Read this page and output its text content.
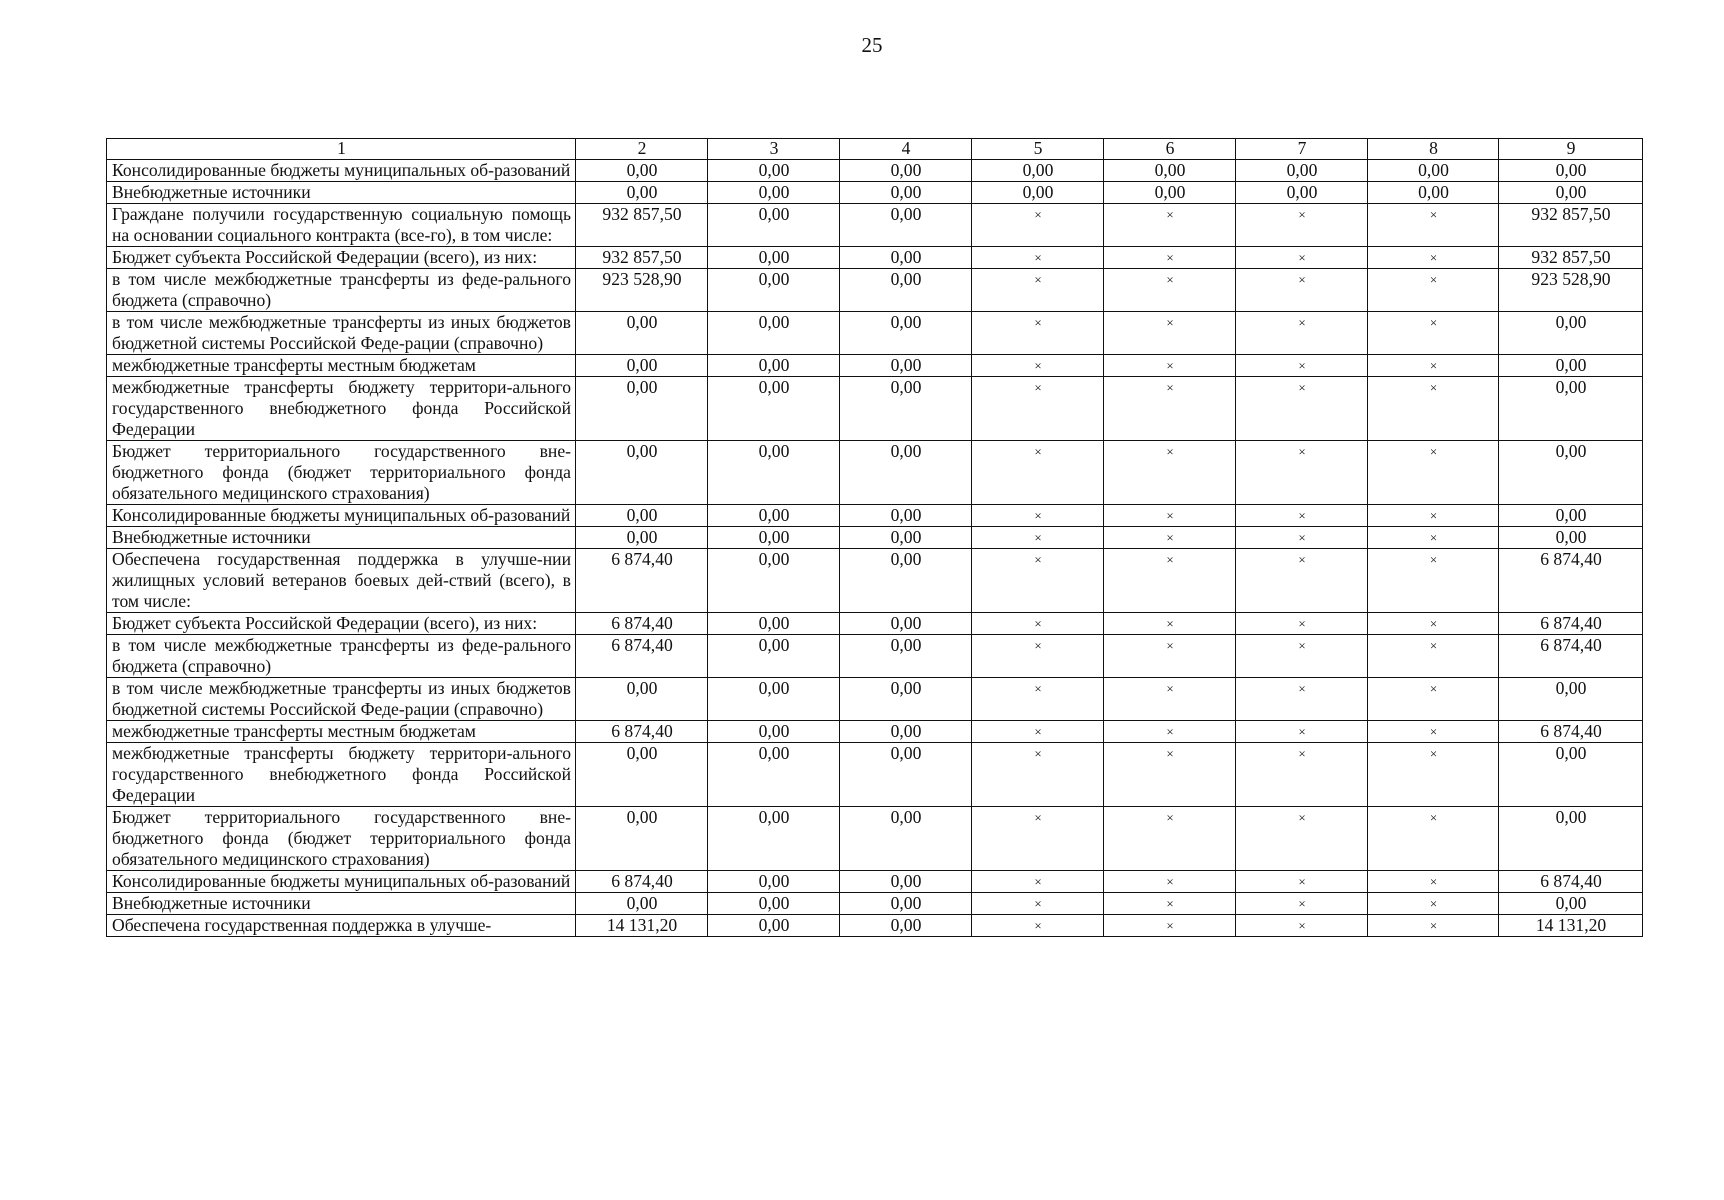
25
1	2	3	4	5	6	7	8	9
Консолидированные бюджеты муниципальных об-разований	0,00	0,00	0,00	0,00	0,00	0,00	0,00	0,00
Внебюджетные источники	0,00	0,00	0,00	0,00	0,00	0,00	0,00	0,00
Граждане получили государственную социальную помощь на основании социального контракта (все-го), в том числе:	932 857,50	0,00	0,00	×	×	×	×	932 857,50
Бюджет субъекта Российской Федерации (всего), из них:	932 857,50	0,00	0,00	×	×	×	×	932 857,50
в том числе межбюджетные трансферты из феде-рального бюджета (справочно)	923 528,90	0,00	0,00	×	×	×	×	923 528,90
в том числе межбюджетные трансферты из иных бюджетов бюджетной системы Российской Феде-рации (справочно)	0,00	0,00	0,00	×	×	×	×	0,00
межбюджетные трансферты местным бюджетам	0,00	0,00	0,00	×	×	×	×	0,00
межбюджетные трансферты бюджету территори-ального государственного внебюджетного фонда Российской Федерации	0,00	0,00	0,00	×	×	×	×	0,00
Бюджет территориального государственного вне-бюджетного фонда (бюджет территориального фонда обязательного медицинского страхования)	0,00	0,00	0,00	×	×	×	×	0,00
Консолидированные бюджеты муниципальных об-разований	0,00	0,00	0,00	×	×	×	×	0,00
Внебюджетные источники	0,00	0,00	0,00	×	×	×	×	0,00
Обеспечена государственная поддержка в улучше-нии жилищных условий ветеранов боевых дей-ствий (всего), в том числе:	6 874,40	0,00	0,00	×	×	×	×	6 874,40
Бюджет субъекта Российской Федерации (всего), из них:	6 874,40	0,00	0,00	×	×	×	×	6 874,40
в том числе межбюджетные трансферты из феде-рального бюджета (справочно)	6 874,40	0,00	0,00	×	×	×	×	6 874,40
в том числе межбюджетные трансферты из иных бюджетов бюджетной системы Российской Феде-рации (справочно)	0,00	0,00	0,00	×	×	×	×	0,00
межбюджетные трансферты местным бюджетам	6 874,40	0,00	0,00	×	×	×	×	6 874,40
межбюджетные трансферты бюджету территори-ального государственного внебюджетного фонда Российской Федерации	0,00	0,00	0,00	×	×	×	×	0,00
Бюджет территориального государственного вне-бюджетного фонда (бюджет территориального фонда обязательного медицинского страхования)	0,00	0,00	0,00	×	×	×	×	0,00
Консолидированные бюджеты муниципальных об-разований	6 874,40	0,00	0,00	×	×	×	×	6 874,40
Внебюджетные источники	0,00	0,00	0,00	×	×	×	×	0,00
Обеспечена государственная поддержка в улучше-	14 131,20	0,00	0,00	×	×	×	×	14 131,20
